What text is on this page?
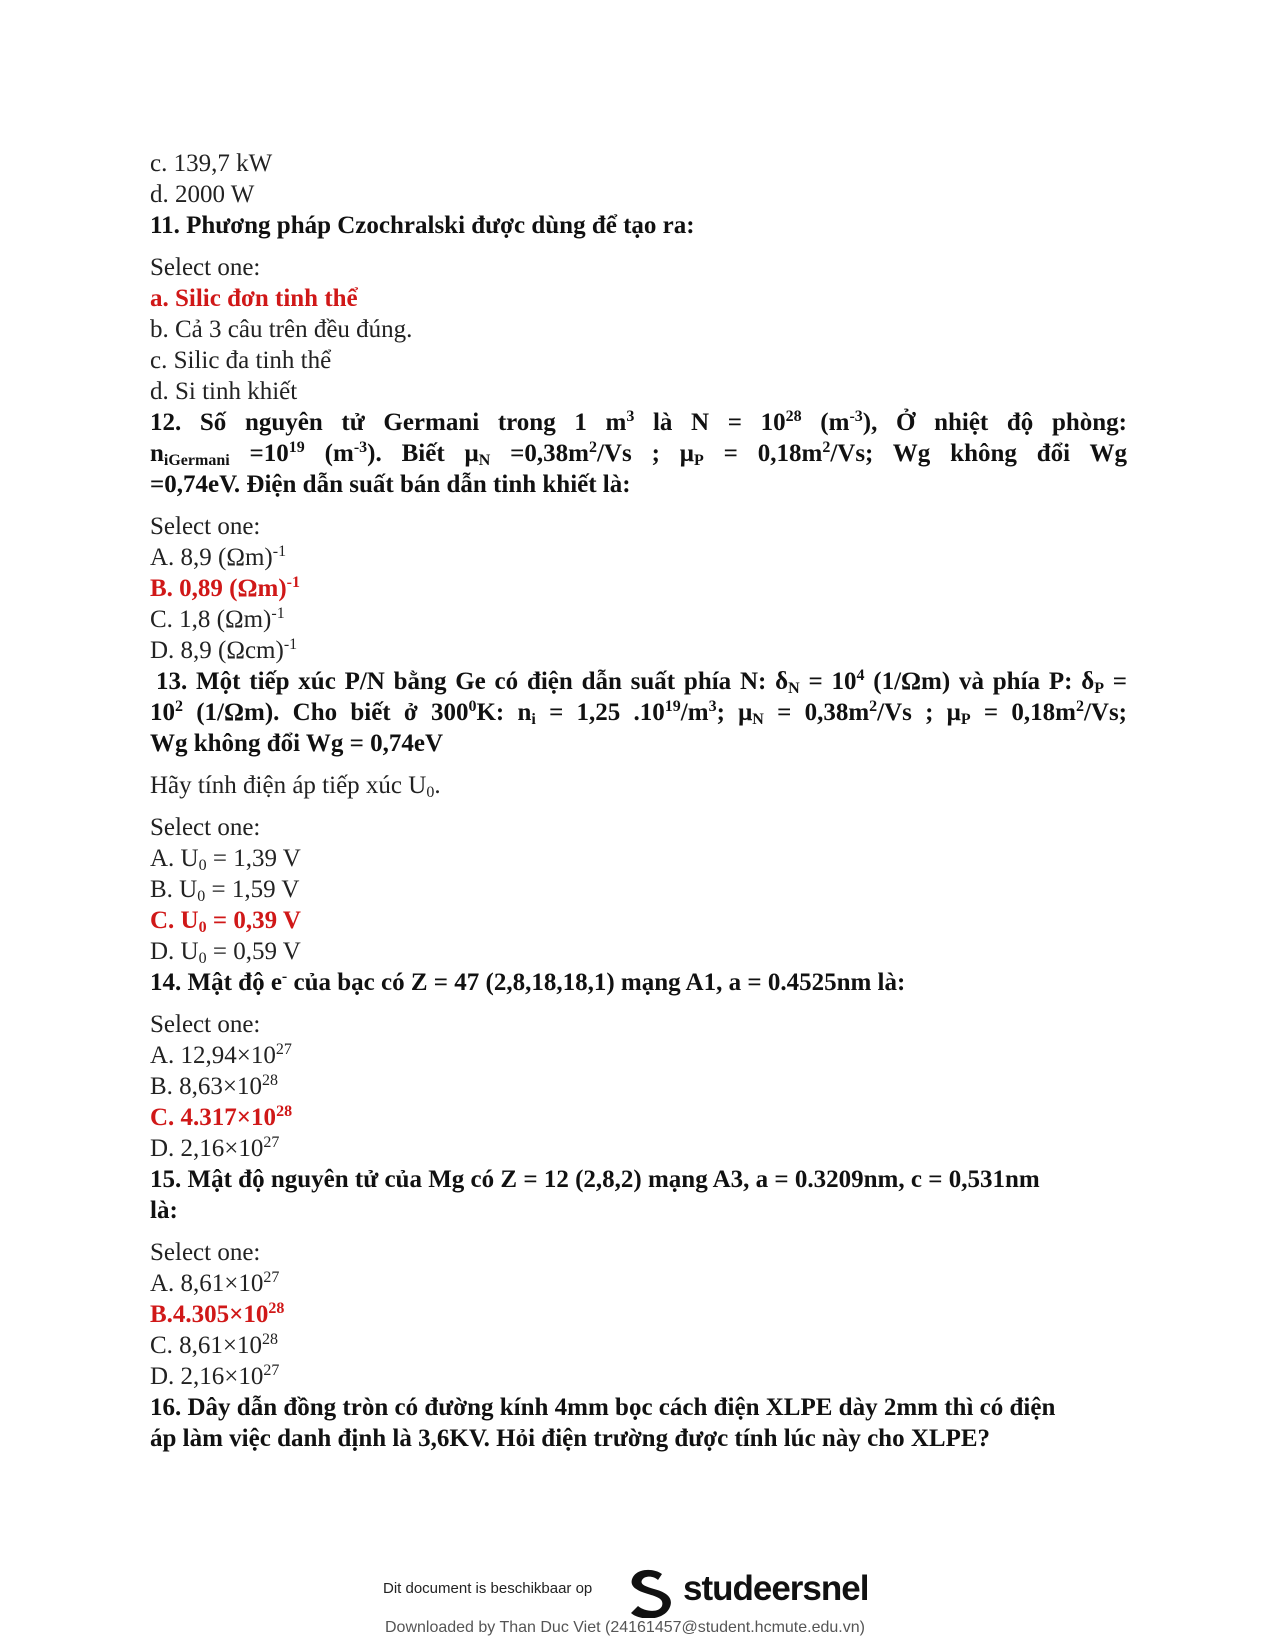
c. 139,7 kW
d. 2000 W
11. Phương pháp Czochralski được dùng để tạo ra:
Select one:
a. Silic đơn tinh thể
b. Cả 3 câu trên đều đúng.
c. Silic đa tinh thể
d. Si tinh khiết
12. Số nguyên tử Germani trong 1 $m^3$ là $N = 10^{28}$ $(m^{-3})$, Ở nhiệt độ phòng:
$n_{iGermani} =10^{19}$ $(m^{-3})$. Biết $\mu_N =0,38m^2/Vs$ ; $\mu_P = 0,18m^2/Vs$; Wg không đổi Wg
=0,74eV. Điện dẫn suất bán dẫn tinh khiết là:
Select one:
A. 8,9 $(\Omega m)^{-1}$
B. 0,89 $(\Omega m)^{-1}$
C. 1,8 $(\Omega m)^{-1}$
D. 8,9 $(\Omega cm)^{-1}$
13. Một tiếp xúc P/N bằng Ge có điện dẫn suất phía N: $\delta_N = 10^4$ (1/Ωm) và phía P: $\delta_P$ =
$10^2$ (1/Ωm). Cho biết ở $300^0K$: $n_i = 1,25$ $.10^{19}/m^3$; $\mu_N = 0,38m^2/Vs$ ; $\mu_P = 0,18m^2/Vs$;
Wg không đổi Wg = 0,74eV
Hãy tính điện áp tiếp xúc $U_0$.
Select one:
A. $U_0 = 1,39$ V
B. $U_0 = 1,59$ V
C. $U_0 = 0,39$ V
D. $U_0 = 0,59$ V
14. Mật độ e- của bạc có Z = 47 (2,8,18,18,1) mạng A1, a = 0.4525nm là:
Select one:
A. $12,94\times 10^{27}$
B. $8,63\times 10^{28}$
C. $4.317\times 10^{28}$
D. $2,16\times 10^{27}$
15. Mật độ nguyên tử của Mg có Z = 12 (2,8,2) mạng A3, a = 0.3209nm, c = 0,531nm
là:
Select one:
A. $8,61\times 10^{27}$
$B.4.305\times 10^{28}$
C. $8,61\times 10^{28}$
D. $2,16\times 10^{27}$
16. Dây dẫn đồng tròn có đường kính 4mm bọc cách điện XLPE dày 2mm thì có điện
áp làm việc danh định là 3,6KV. Hỏi điện trường được tính lúc này cho XLPE?
Dit document is beschikbaar op	studeersnel
Downloaded by Than Duc Viet (24161457@student.hcmute.edu.vn)
